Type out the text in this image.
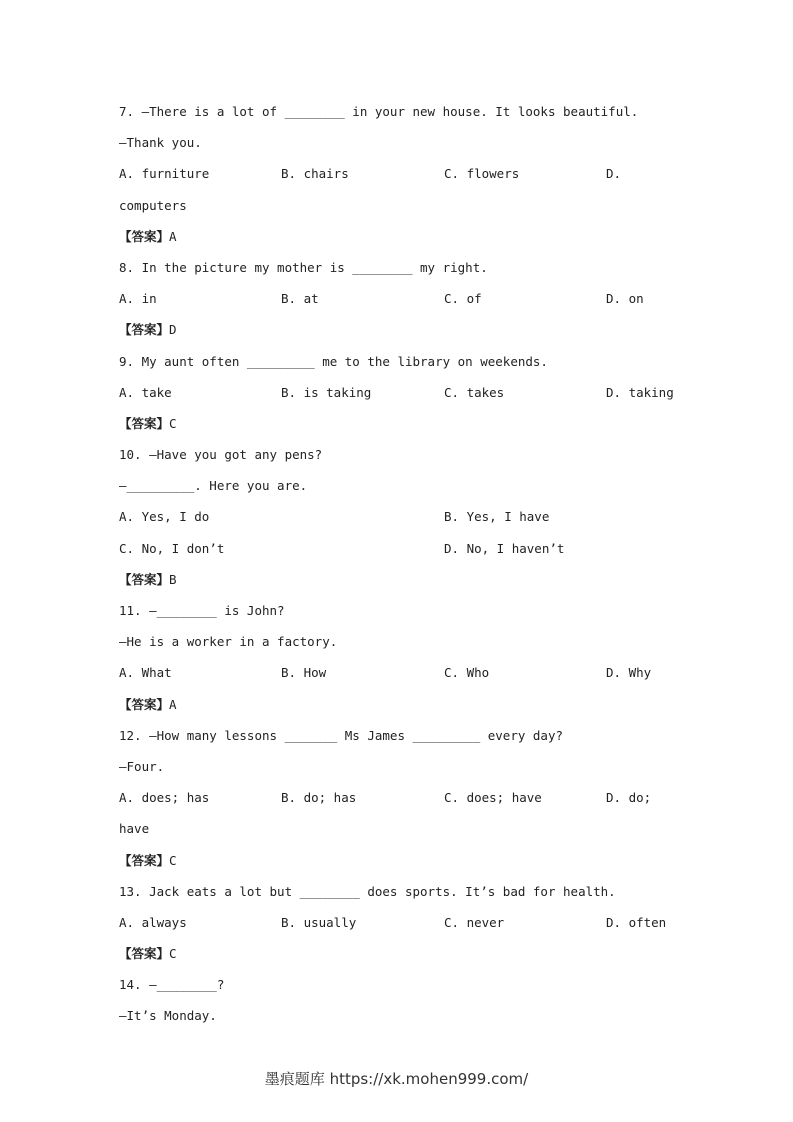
7. —There is a lot of ________ in your new house. It looks beautiful.
—Thank you.
A. furniture	B. chairs	C. flowers	D.
computers
【答案】A
8. In the picture my mother is ________ my right.
A. in	B. at	C. of	D. on
【答案】D
9. My aunt often _________ me to the library on weekends.
A. take	B. is taking	C. takes	D. taking
【答案】C
10. —Have you got any pens?
—_________. Here you are.
A. Yes, I do	B. Yes, I have
C. No, I don’t	D. No, I haven’t
【答案】B
11. —________ is John?
—He is a worker in a factory.
A. What	B. How	C. Who	D. Why
【答案】A
12. —How many lessons _______ Ms James _________ every day?
—Four.
A. does; has	B. do; has	C. does; have	D. do;
have
【答案】C
13. Jack eats a lot but ________ does sports. It’s bad for health.
A. always	B. usually	C. never	D. often
【答案】C
14. —________?
—It’s Monday.
墨痕题库 https://xk.mohen999.com/
